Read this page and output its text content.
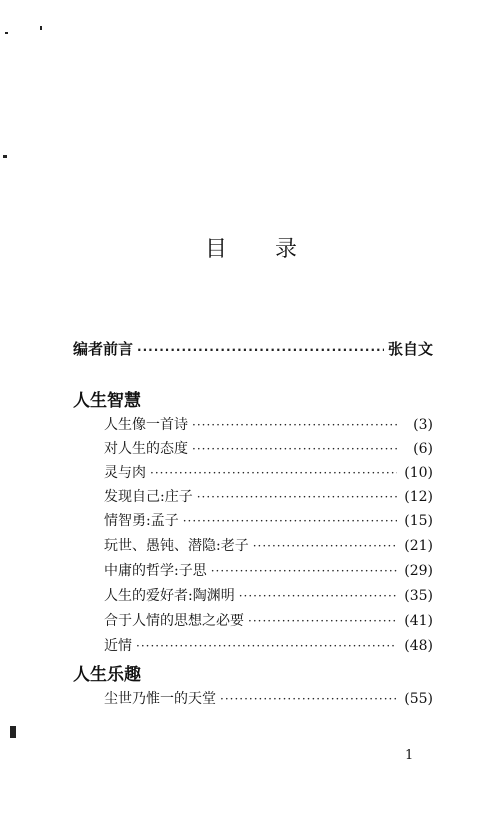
目 录
编者前言 ·····	张自文
人生智慧
人生像一首诗 ·····	(3)
对人生的态度 ·····	(6)
灵与肉 ·····	(10)
发现自己:庄子 ·····	(12)
情智勇:孟子 ·····	(15)
玩世、愚钝、潜隐:老子 ·····	(21)
中庸的哲学:子思 ·····	(29)
人生的爱好者:陶渊明 ·····	(35)
合于人情的思想之必要 ·····	(41)
近情 ·····	(48)
人生乐趣
尘世乃惟一的天堂 ·····	(55)
1
